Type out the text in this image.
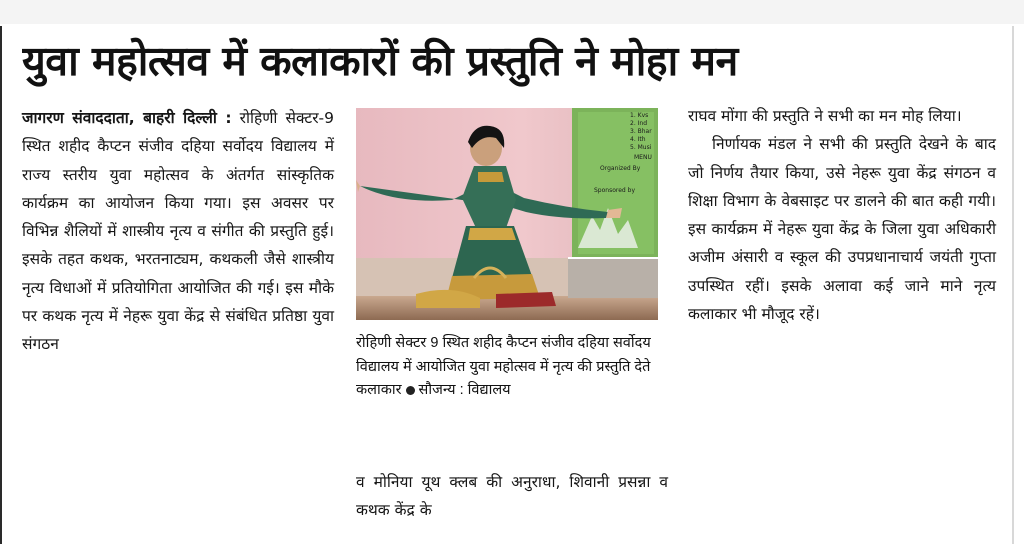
युवा महोत्सव में कलाकारों की प्रस्तुति ने मोहा मन

जागरण संवाददाता, बाहरी दिल्ली : रोहिणी सेक्टर-9 स्थित शहीद कैप्टन संजीव दहिया सर्वोदय विद्यालय में राज्य स्तरीय युवा महोत्सव के अंतर्गत सांस्कृतिक कार्यक्रम का आयोजन किया गया। इस अवसर पर विभिन्न शैलियों में शास्त्रीय नृत्य व संगीत की प्रस्तुति हुई। इसके तहत कथक, भरतनाट्यम, कथकली जैसे शास्त्रीय नृत्य विधाओं में प्रतियोगिता आयोजित की गई। इस मौके पर कथक नृत्य में नेहरू युवा केंद्र से संबंधित प्रतिष्ठा युवा संगठन

1. Kvs
2. Ind
3. Bhar
4. Ith
5. Musi
MENU
Organized By
Sponsored by

रोहिणी सेक्टर 9 स्थित शहीद कैप्टन संजीव दहिया सर्वोदय विद्यालय में आयोजित युवा महोत्सव में नृत्य की प्रस्तुति देते कलाकार सौजन्य : विद्यालय

व मोनिया यूथ क्लब की अनुराधा, शिवानी प्रसन्ना व कथक केंद्र के

राघव मोंगा की प्रस्तुति ने सभी का मन मोह लिया।

निर्णायक मंडल ने सभी की प्रस्तुति देखने के बाद जो निर्णय तैयार किया, उसे नेहरू युवा केंद्र संगठन व शिक्षा विभाग के वेबसाइट पर डालने की बात कही गयी। इस कार्यक्रम में नेहरू युवा केंद्र के जिला युवा अधिकारी अजीम अंसारी व स्कूल की उपप्रधानाचार्य जयंती गुप्ता उपस्थित रहीं। इसके अलावा कई जाने माने नृत्य कलाकार भी मौजूद रहें।
